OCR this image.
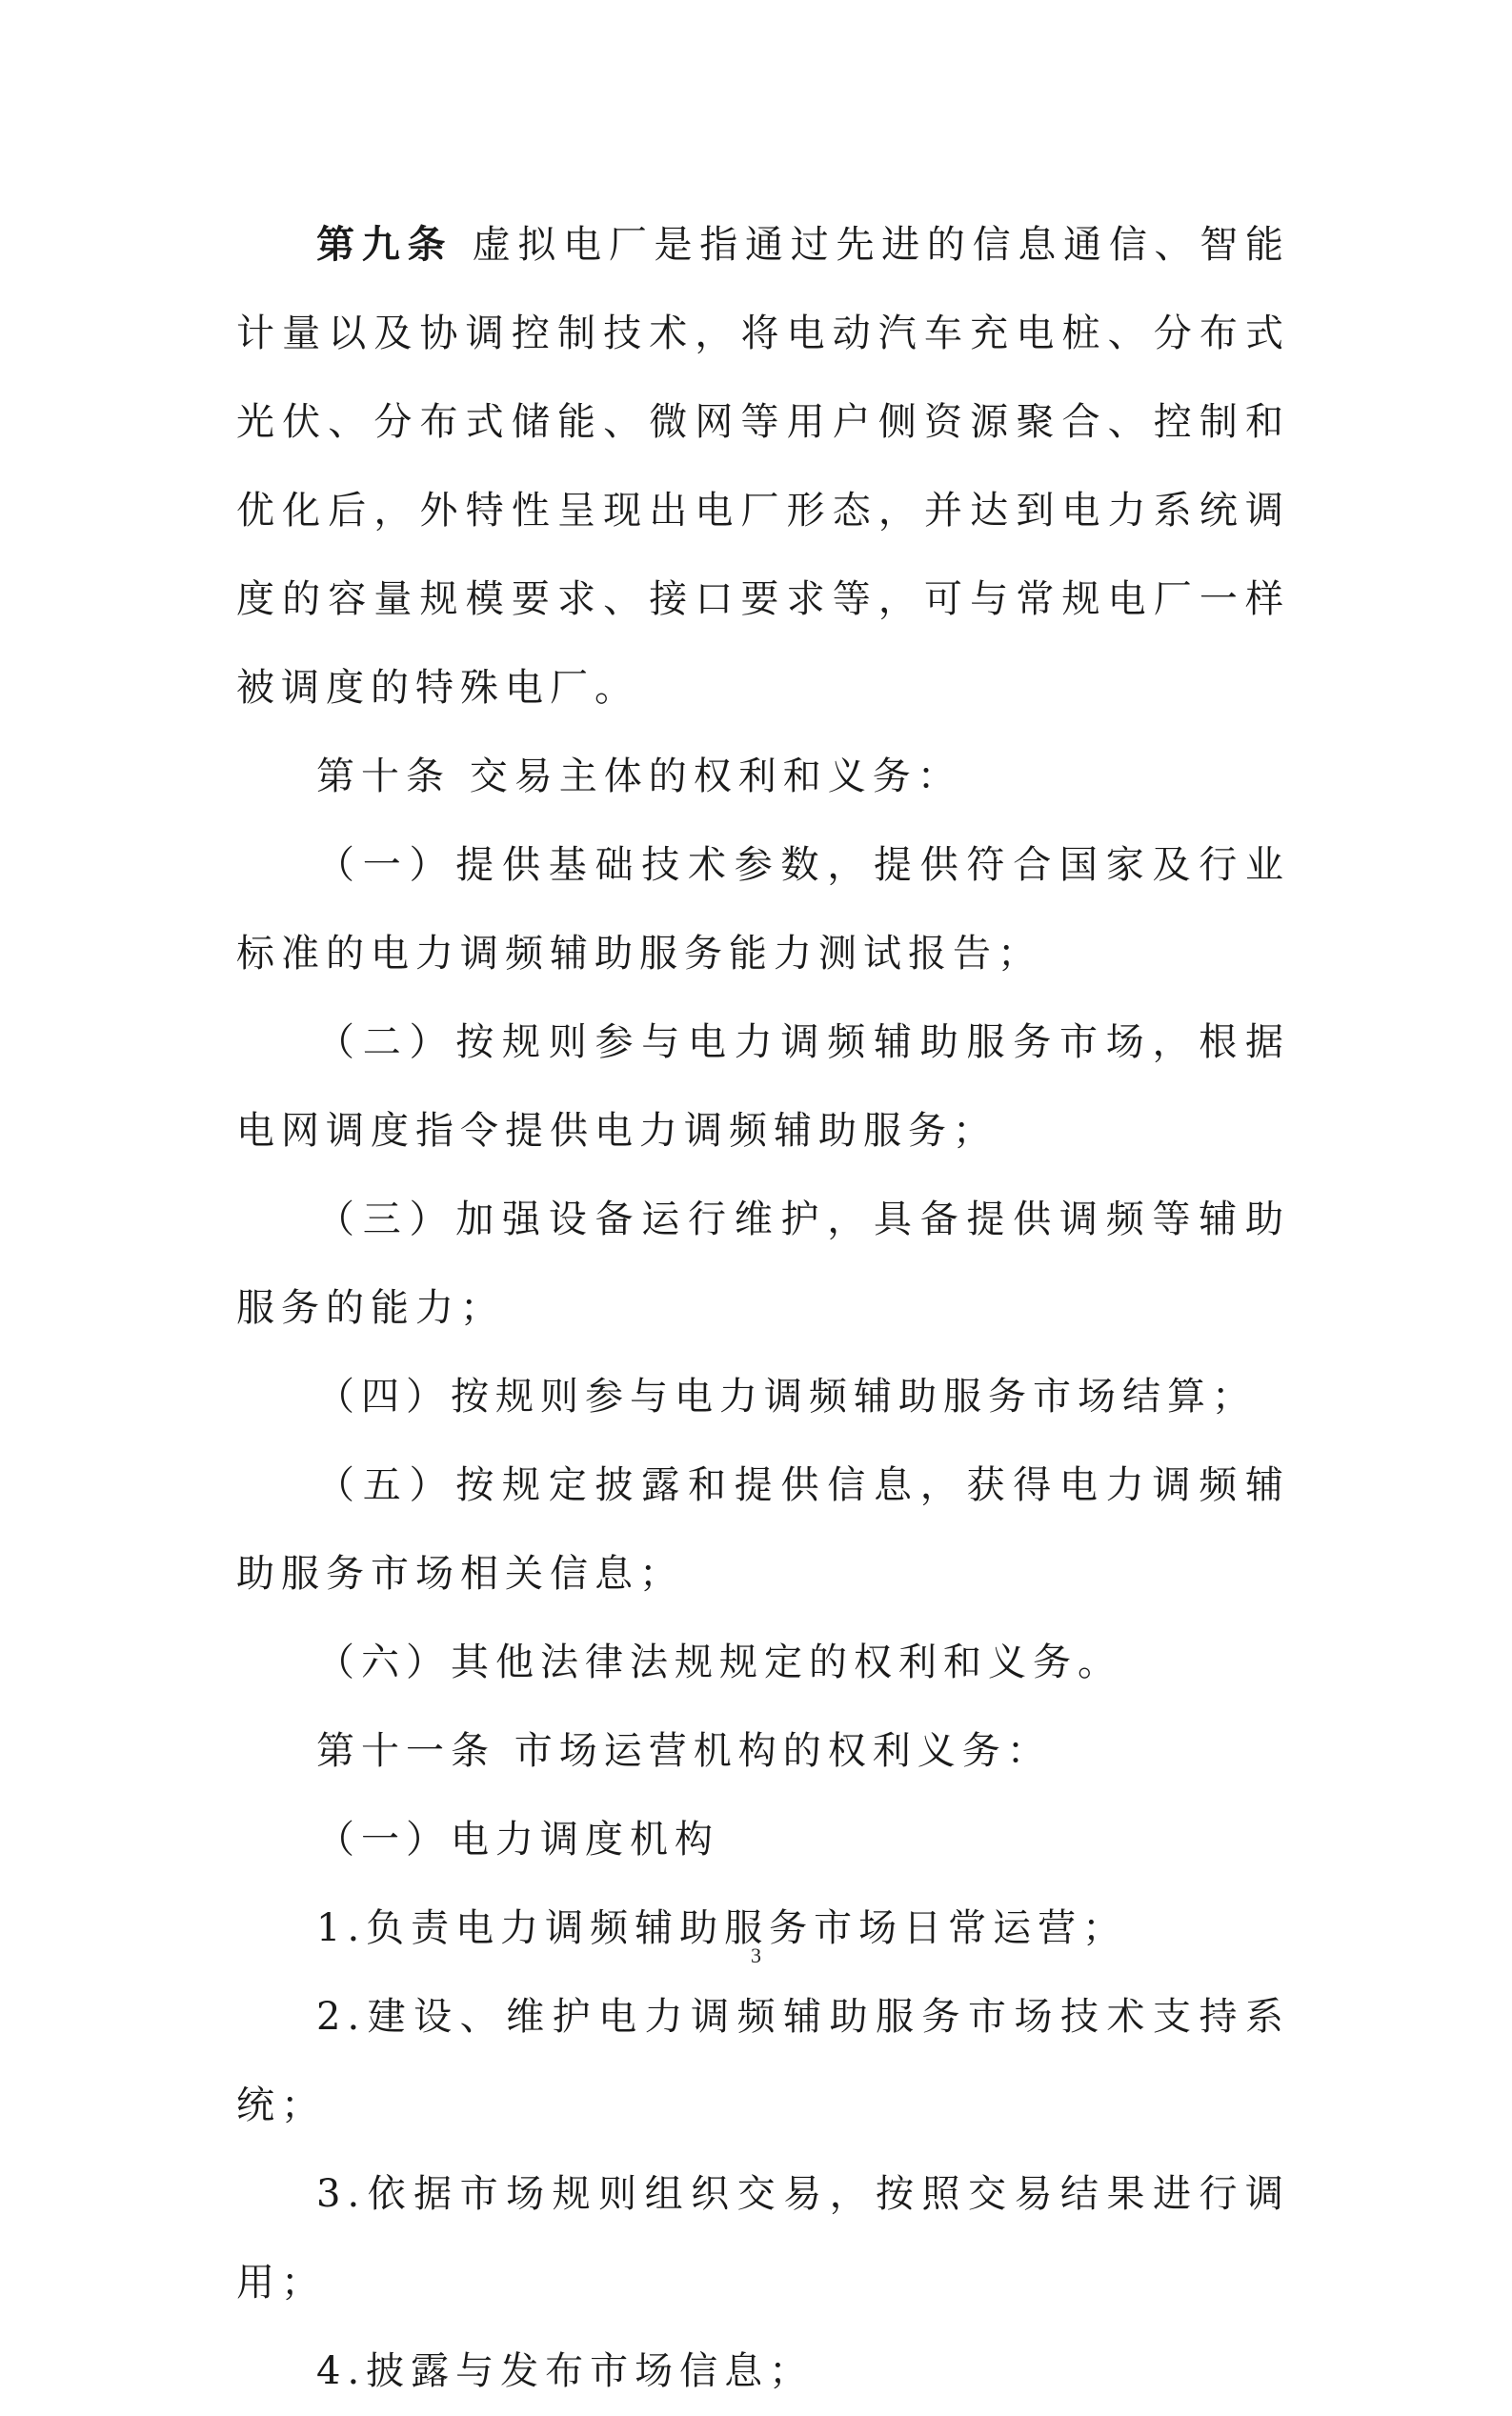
第九条 虚拟电厂是指通过先进的信息通信、智能计量以及协调控制技术，将电动汽车充电桩、分布式光伏、分布式储能、微网等用户侧资源聚合、控制和优化后，外特性呈现出电厂形态，并达到电力系统调度的容量规模要求、接口要求等，可与常规电厂一样被调度的特殊电厂。

第十条 交易主体的权利和义务：

（一）提供基础技术参数，提供符合国家及行业标准的电力调频辅助服务能力测试报告；

（二）按规则参与电力调频辅助服务市场，根据电网调度指令提供电力调频辅助服务；

（三）加强设备运行维护，具备提供调频等辅助服务的能力；

（四）按规则参与电力调频辅助服务市场结算；

（五）按规定披露和提供信息，获得电力调频辅助服务市场相关信息；

（六）其他法律法规规定的权利和义务。

第十一条 市场运营机构的权利义务：

（一）电力调度机构

1.负责电力调频辅助服务市场日常运营；

2.建设、维护电力调频辅助服务市场技术支持系统；

3.依据市场规则组织交易，按照交易结果进行调用；

4.披露与发布市场信息；

3
